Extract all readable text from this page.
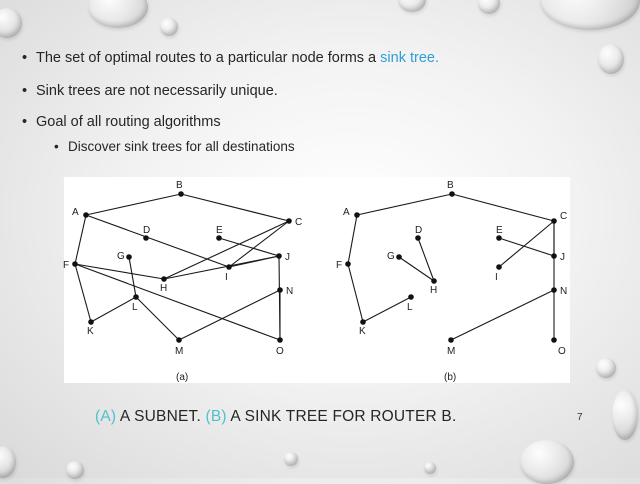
• The set of optimal routes to a particular node forms a sink tree.
• Sink trees are not necessarily unique.
• Goal of all routing algorithms
• Discover sink trees for all destinations
A
B
C
D	E
F
G
H
I
J
K
L
M
N
O
(a)
A
B
C
D	E
F
G
H
I
J
K
L
M
N
O
(b)
(A) A SUBNET. (B) A SINK TREE FOR ROUTER B.	7
